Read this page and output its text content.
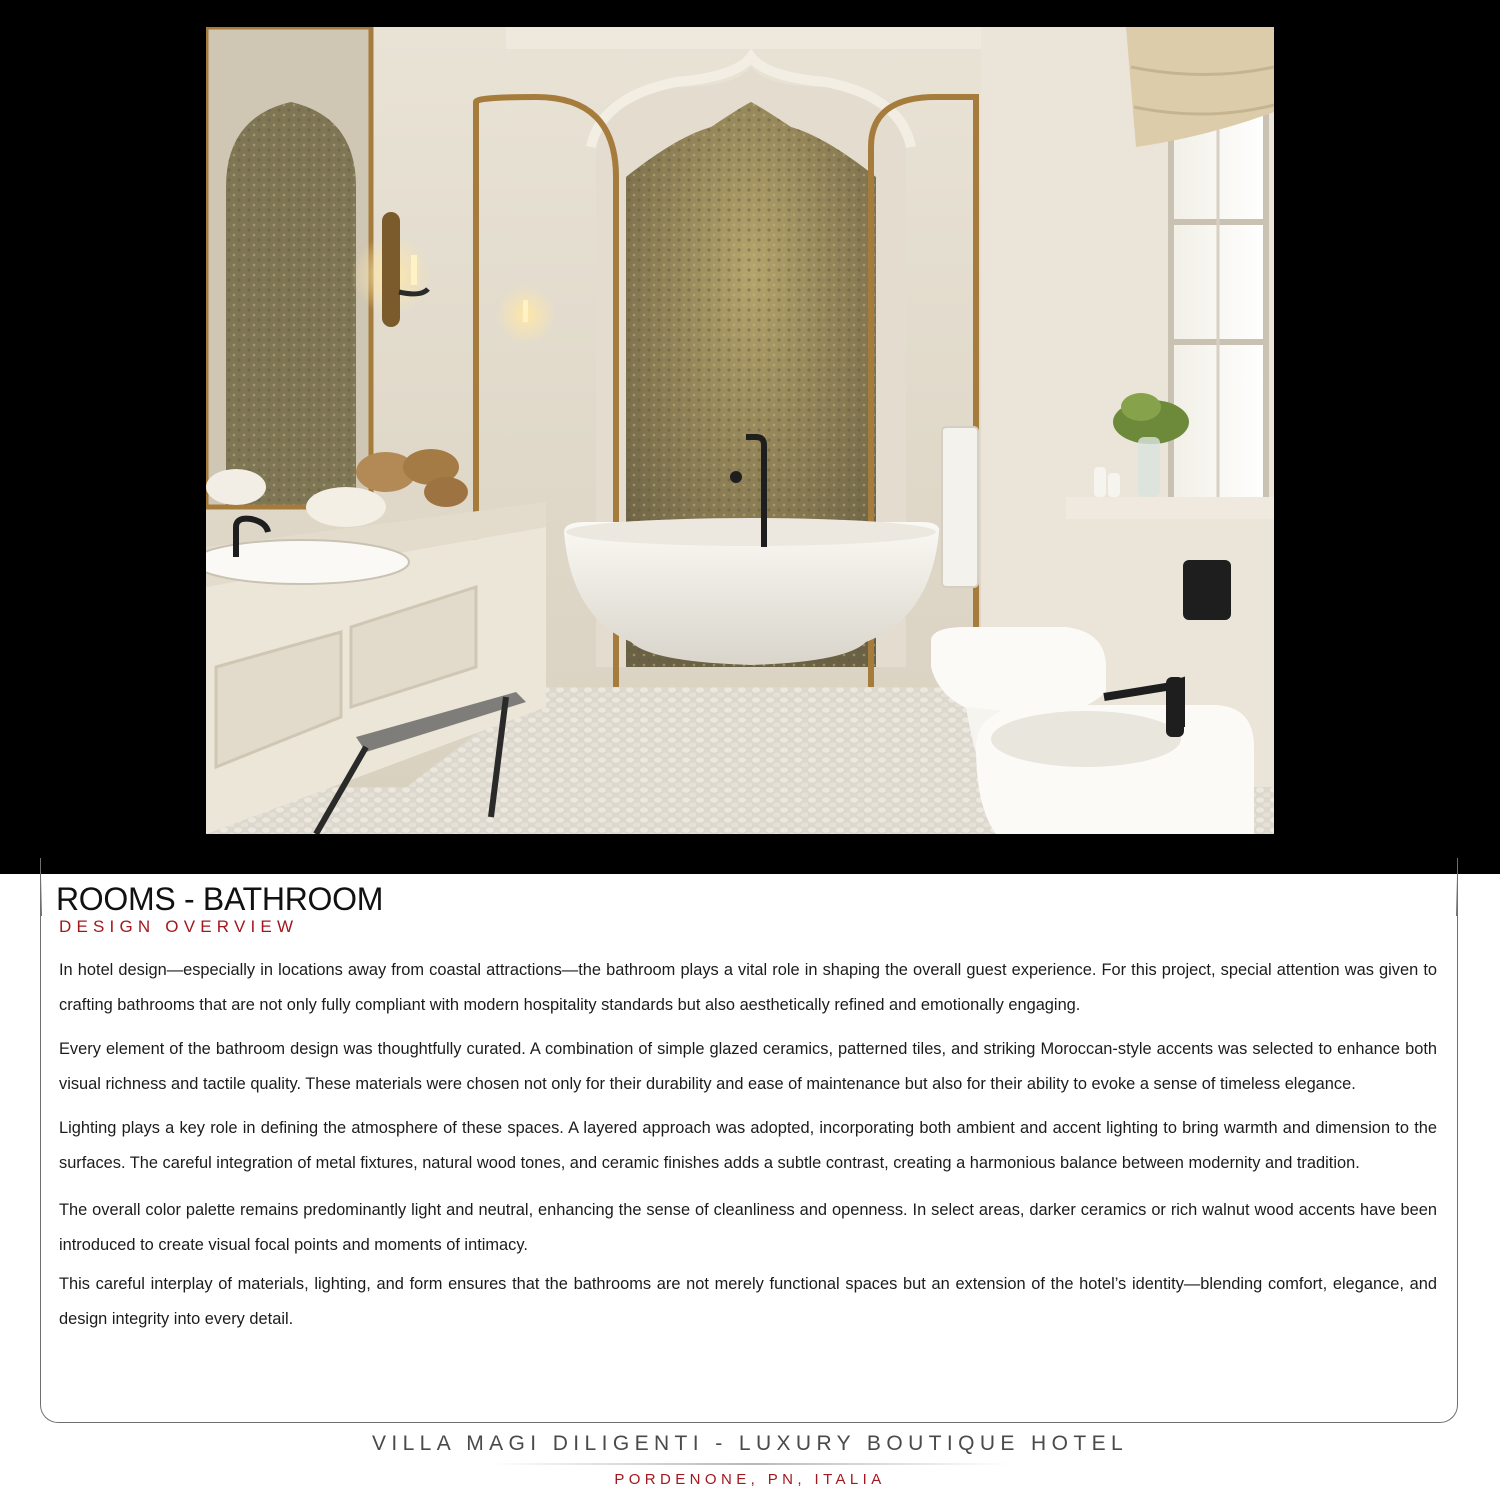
ROOMS - BATHROOM
DESIGN OVERVIEW

In hotel design—especially in locations away from coastal attractions—the bathroom plays a vital role in shaping the overall guest experience. For this project, special attention was given to crafting bathrooms that are not only fully compliant with modern hospitality standards but also aesthetically refined and emotionally engaging.

Every element of the bathroom design was thoughtfully curated. A combination of simple glazed ceramics, patterned tiles, and striking Moroccan-style accents was selected to enhance both visual richness and tactile quality. These materials were chosen not only for their durability and ease of maintenance but also for their ability to evoke a sense of timeless elegance.

Lighting plays a key role in defining the atmosphere of these spaces. A layered approach was adopted, incorporating both ambient and accent lighting to bring warmth and dimension to the surfaces. The careful integration of metal fixtures, natural wood tones, and ceramic finishes adds a subtle contrast, creating a harmonious balance between modernity and tradition.

The overall color palette remains predominantly light and neutral, enhancing the sense of cleanliness and openness. In select areas, darker ceramics or rich walnut wood accents have been introduced to create visual focal points and moments of intimacy.

This careful interplay of materials, lighting, and form ensures that the bathrooms are not merely functional spaces but an extension of the hotel’s identity—blending comfort, elegance, and design integrity into every detail.

VILLA MAGI DILIGENTI - LUXURY BOUTIQUE HOTEL
PORDENONE, PN, ITALIA
